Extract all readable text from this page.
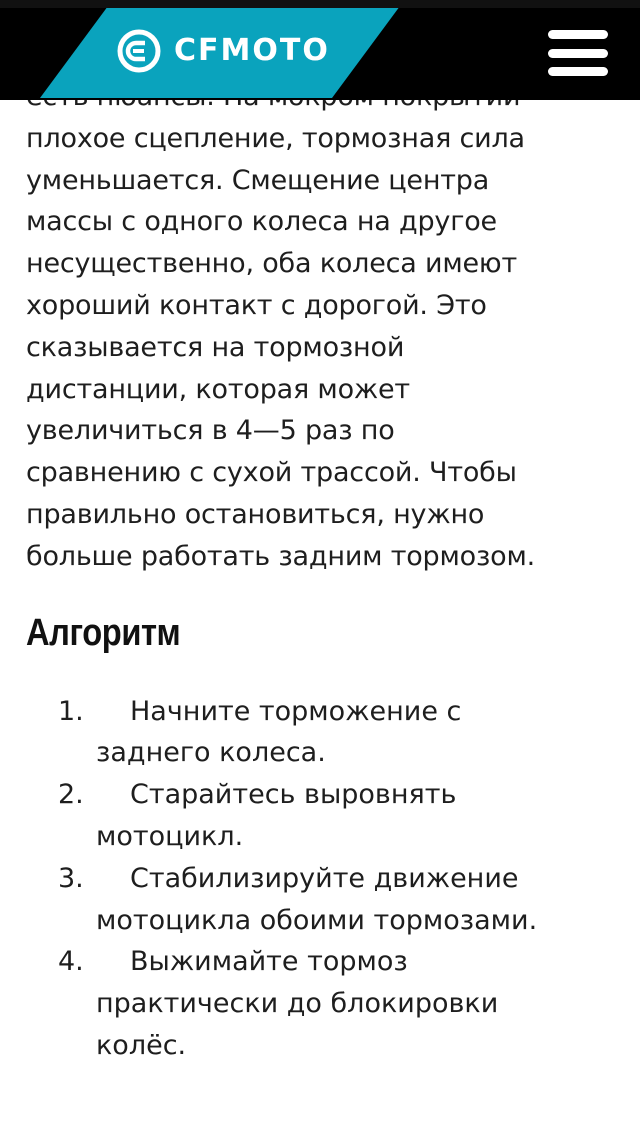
плохое сцепление, тормозная сила
уменьшается. Смещение центра
массы с одного колеса на другое
несущественно, оба колеса имеют
хороший контакт с дорогой. Это
сказывается на тормозной
дистанции, которая может
увеличиться в 4—5 раз по
сравнению с сухой трассой. Чтобы
правильно остановиться, нужно
больше работать задним тормозом.

Алгоритм
1.	Начните торможение с
заднего колеса.
2.	Старайтесь выровнять
мотоцикл.
3.	Стабилизируйте движение
мотоцикла обоими тормозами.
4.	Выжимайте тормоз
практически до блокировки
колёс.
CFMOTO
